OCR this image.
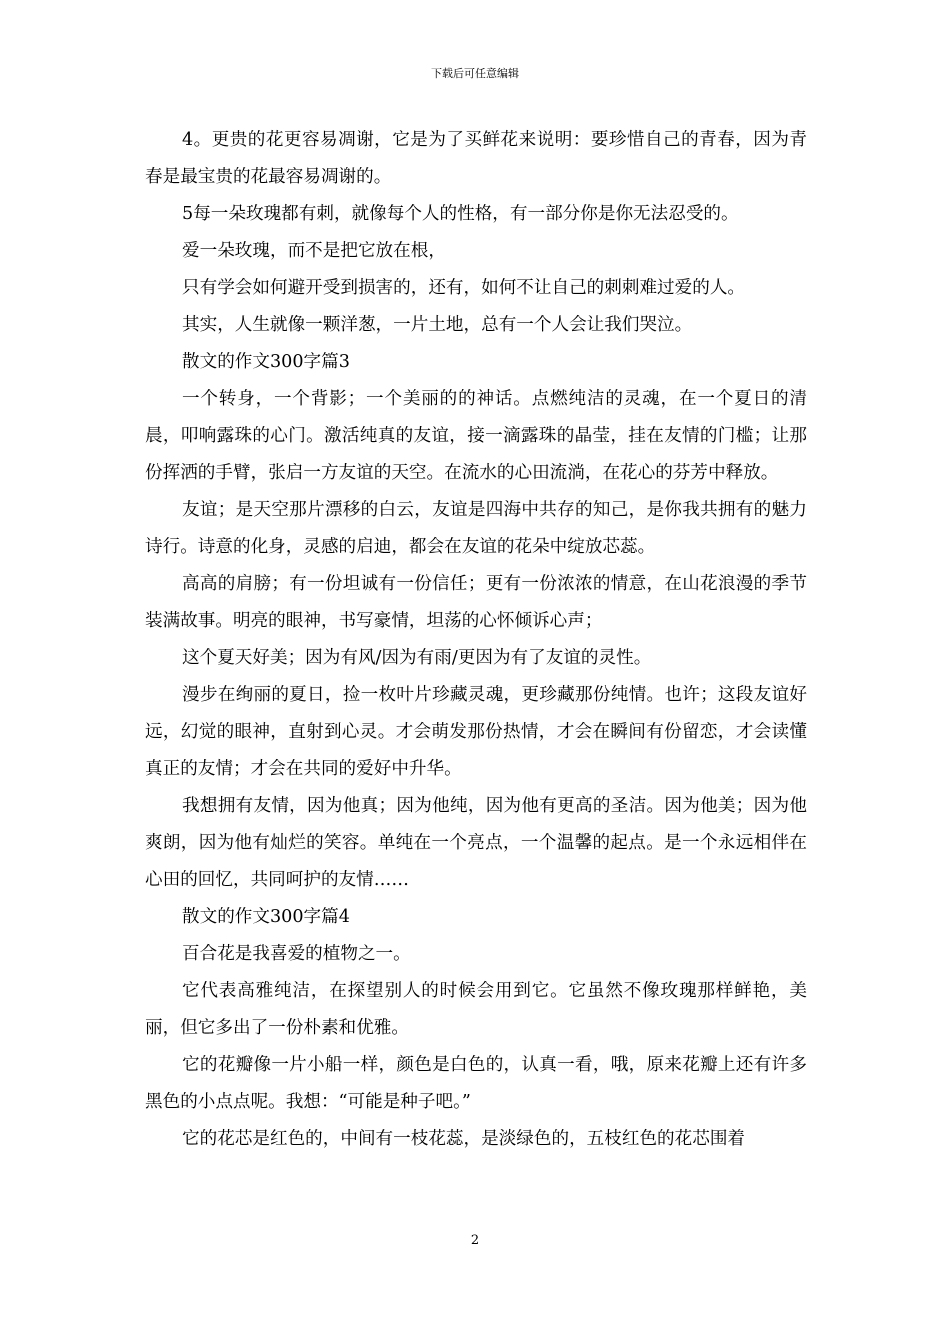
下载后可任意编辑

4。更贵的花更容易凋谢，它是为了买鲜花来说明：要珍惜自己的青春，因为青春是最宝贵的花最容易凋谢的。

5每一朵玫瑰都有刺，就像每个人的性格，有一部分你是你无法忍受的。

爱一朵玫瑰，而不是把它放在根，

只有学会如何避开受到损害的，还有，如何不让自己的刺刺难过爱的人。

其实，人生就像一颗洋葱，一片土地，总有一个人会让我们哭泣。

散文的作文300字篇3

一个转身，一个背影；一个美丽的的神话。点燃纯洁的灵魂，在一个夏日的清晨，叩响露珠的心门。激活纯真的友谊，接一滴露珠的晶莹，挂在友情的门槛；让那份挥洒的手臂，张启一方友谊的天空。在流水的心田流淌，在花心的芬芳中释放。

友谊；是天空那片漂移的白云，友谊是四海中共存的知己，是你我共拥有的魅力诗行。诗意的化身，灵感的启迪，都会在友谊的花朵中绽放芯蕊。

高高的肩膀；有一份坦诚有一份信任；更有一份浓浓的情意，在山花浪漫的季节装满故事。明亮的眼神，书写豪情，坦荡的心怀倾诉心声；

这个夏天好美；因为有风/因为有雨/更因为有了友谊的灵性。

漫步在绚丽的夏日，捡一枚叶片珍藏灵魂，更珍藏那份纯情。也许；这段友谊好远，幻觉的眼神，直射到心灵。才会萌发那份热情，才会在瞬间有份留恋，才会读懂真正的友情；才会在共同的爱好中升华。

我想拥有友情，因为他真；因为他纯，因为他有更高的圣洁。因为他美；因为他爽朗，因为他有灿烂的笑容。单纯在一个亮点，一个温馨的起点。是一个永远相伴在心田的回忆，共同呵护的友情……

散文的作文300字篇4

百合花是我喜爱的植物之一。

它代表高雅纯洁，在探望别人的时候会用到它。它虽然不像玫瑰那样鲜艳，美丽，但它多出了一份朴素和优雅。

它的花瓣像一片小船一样，颜色是白色的，认真一看，哦，原来花瓣上还有许多黑色的小点点呢。我想：“可能是种子吧。”

它的花芯是红色的，中间有一枝花蕊，是淡绿色的，五枝红色的花芯围着

2
